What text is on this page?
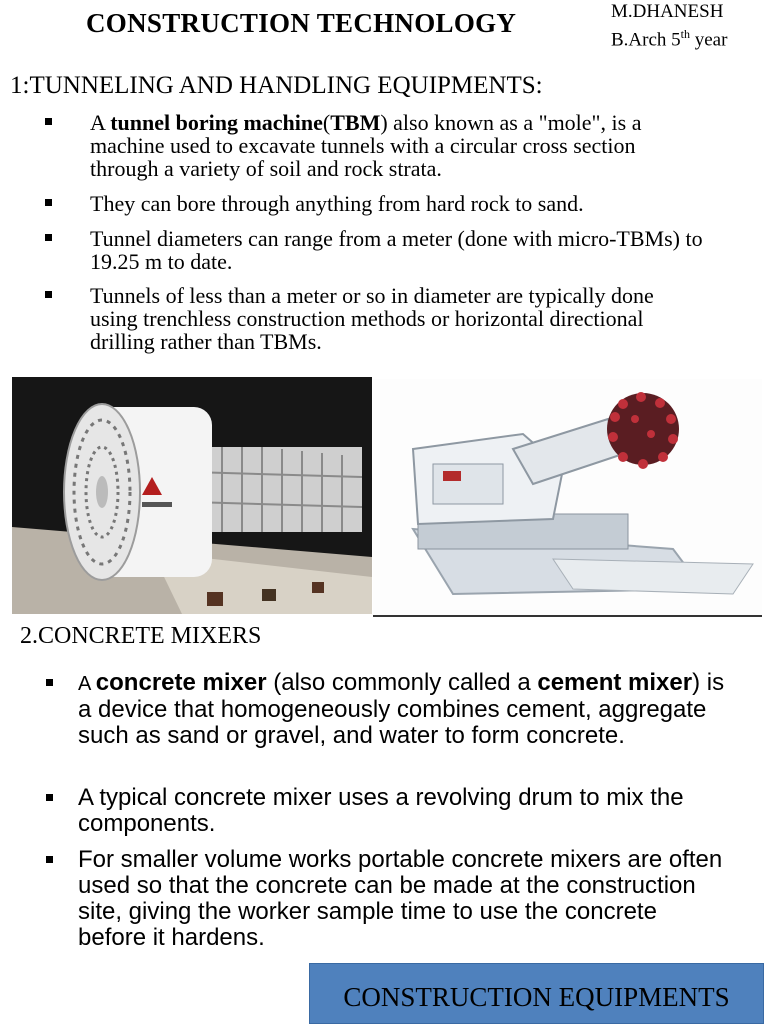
CONSTRUCTION TECHNOLOGY	M.DHANESH
B.Arch 5th year
1:TUNNELING AND HANDLING EQUIPMENTS:
A tunnel boring machine(TBM) also known as a "mole", is a machine used to excavate tunnels with a circular cross section through a variety of soil and rock strata.
They can bore through anything from hard rock to sand.
Tunnel diameters can range from a meter (done with micro-TBMs) to 19.25 m to date.
Tunnels of less than a meter or so in diameter are typically done using trenchless construction methods or horizontal directional drilling rather than TBMs.
2.CONCRETE MIXERS
A concrete mixer (also commonly called a cement mixer) is a device that homogeneously combines cement, aggregate such as sand or gravel, and water to form concrete.
A typical concrete mixer uses a revolving drum to mix the components.
For smaller volume works portable concrete mixers are often used so that the concrete can be made at the construction site, giving the worker sample time to use the concrete before it hardens.
CONSTRUCTION EQUIPMENTS
